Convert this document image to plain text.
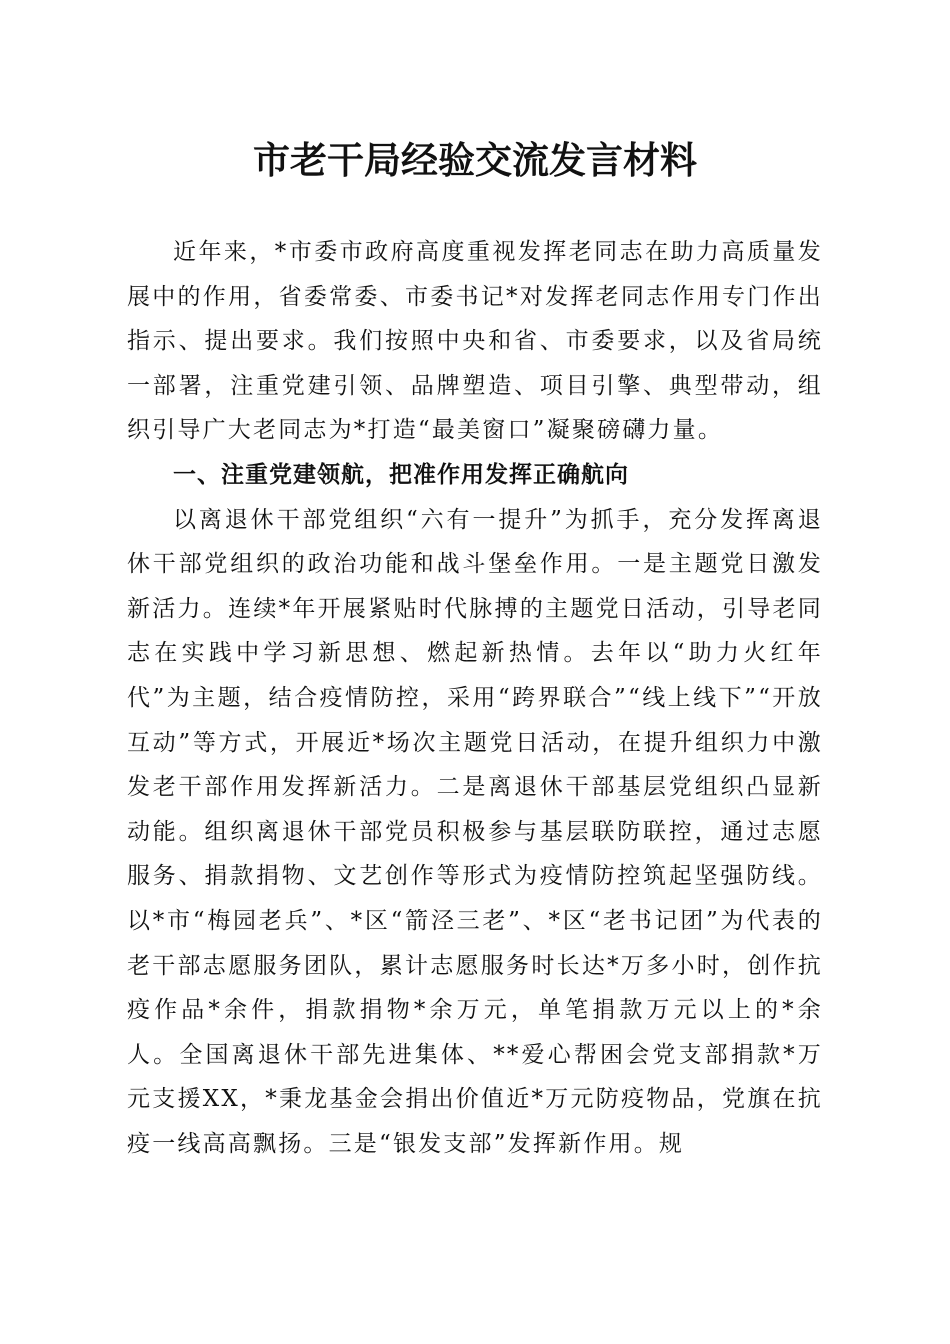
市老干局经验交流发言材料

近年来，*市委市政府高度重视发挥老同志在助力高质量发展中的作用，省委常委、市委书记*对发挥老同志作用专门作出指示、提出要求。我们按照中央和省、市委要求，以及省局统一部署，注重党建引领、品牌塑造、项目引擎、典型带动，组织引导广大老同志为*打造“最美窗口”凝聚磅礴力量。

一、注重党建领航，把准作用发挥正确航向

以离退休干部党组织“六有一提升”为抓手，充分发挥离退休干部党组织的政治功能和战斗堡垒作用。一是主题党日激发新活力。连续*年开展紧贴时代脉搏的主题党日活动，引导老同志在实践中学习新思想、燃起新热情。去年以“助力火红年代”为主题，结合疫情防控，采用“跨界联合”“线上线下”“开放互动”等方式，开展近*场次主题党日活动，在提升组织力中激发老干部作用发挥新活力。二是离退休干部基层党组织凸显新动能。组织离退休干部党员积极参与基层联防联控，通过志愿服务、捐款捐物、文艺创作等形式为疫情防控筑起坚强防线。以*市“梅园老兵”、*区“箭泾三老”、*区“老书记团”为代表的老干部志愿服务团队，累计志愿服务时长达*万多小时，创作抗疫作品*余件，捐款捐物*余万元，单笔捐款万元以上的*余人。全国离退休干部先进集体、**爱心帮困会党支部捐款*万元支援XX，*秉龙基金会捐出价值近*万元防疫物品，党旗在抗疫一线高高飘扬。三是“银发支部”发挥新作用。规
